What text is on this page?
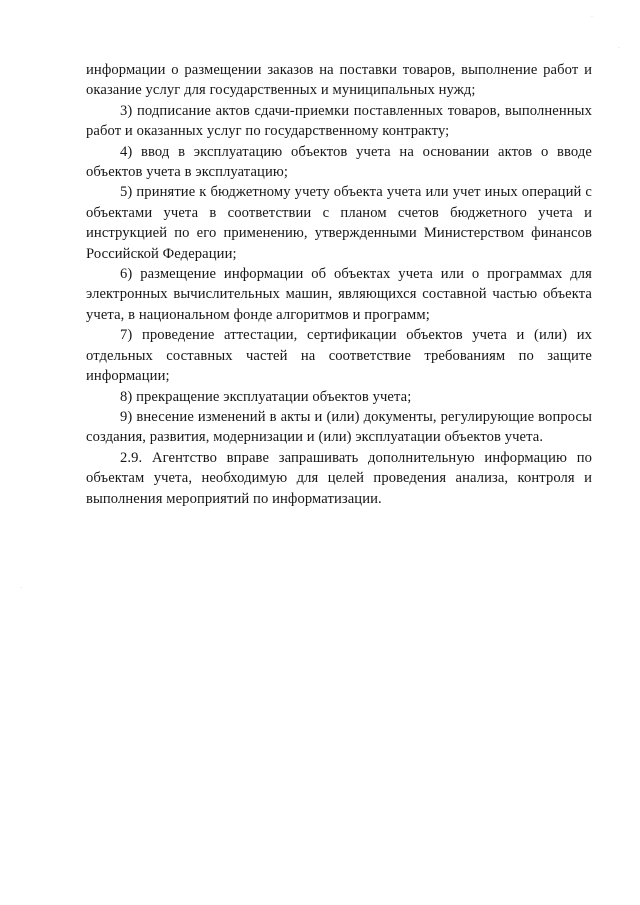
информации о размещении заказов на поставки товаров, выполнение работ и оказание услуг для государственных и муниципальных нужд;

3) подписание актов сдачи-приемки поставленных товаров, выполненных работ и оказанных услуг по государственному контракту;

4) ввод в эксплуатацию объектов учета на основании актов о вводе объектов учета в эксплуатацию;

5) принятие к бюджетному учету объекта учета или учет иных операций с объектами учета в соответствии с планом счетов бюджетного учета и инструкцией по его применению, утвержденными Министерством финансов Российской Федерации;

6) размещение информации об объектах учета или о программах для электронных вычислительных машин, являющихся составной частью объекта учета, в национальном фонде алгоритмов и программ;

7) проведение аттестации, сертификации объектов учета и (или) их отдельных составных частей на соответствие требованиям по защите информации;

8) прекращение эксплуатации объектов учета;

9) внесение изменений в акты и (или) документы, регулирующие вопросы создания, развития, модернизации и (или) эксплуатации объектов учета.

2.9. Агентство вправе запрашивать дополнительную информацию по объектам учета, необходимую для целей проведения анализа, контроля и выполнения мероприятий по информатизации.

·
·
·
